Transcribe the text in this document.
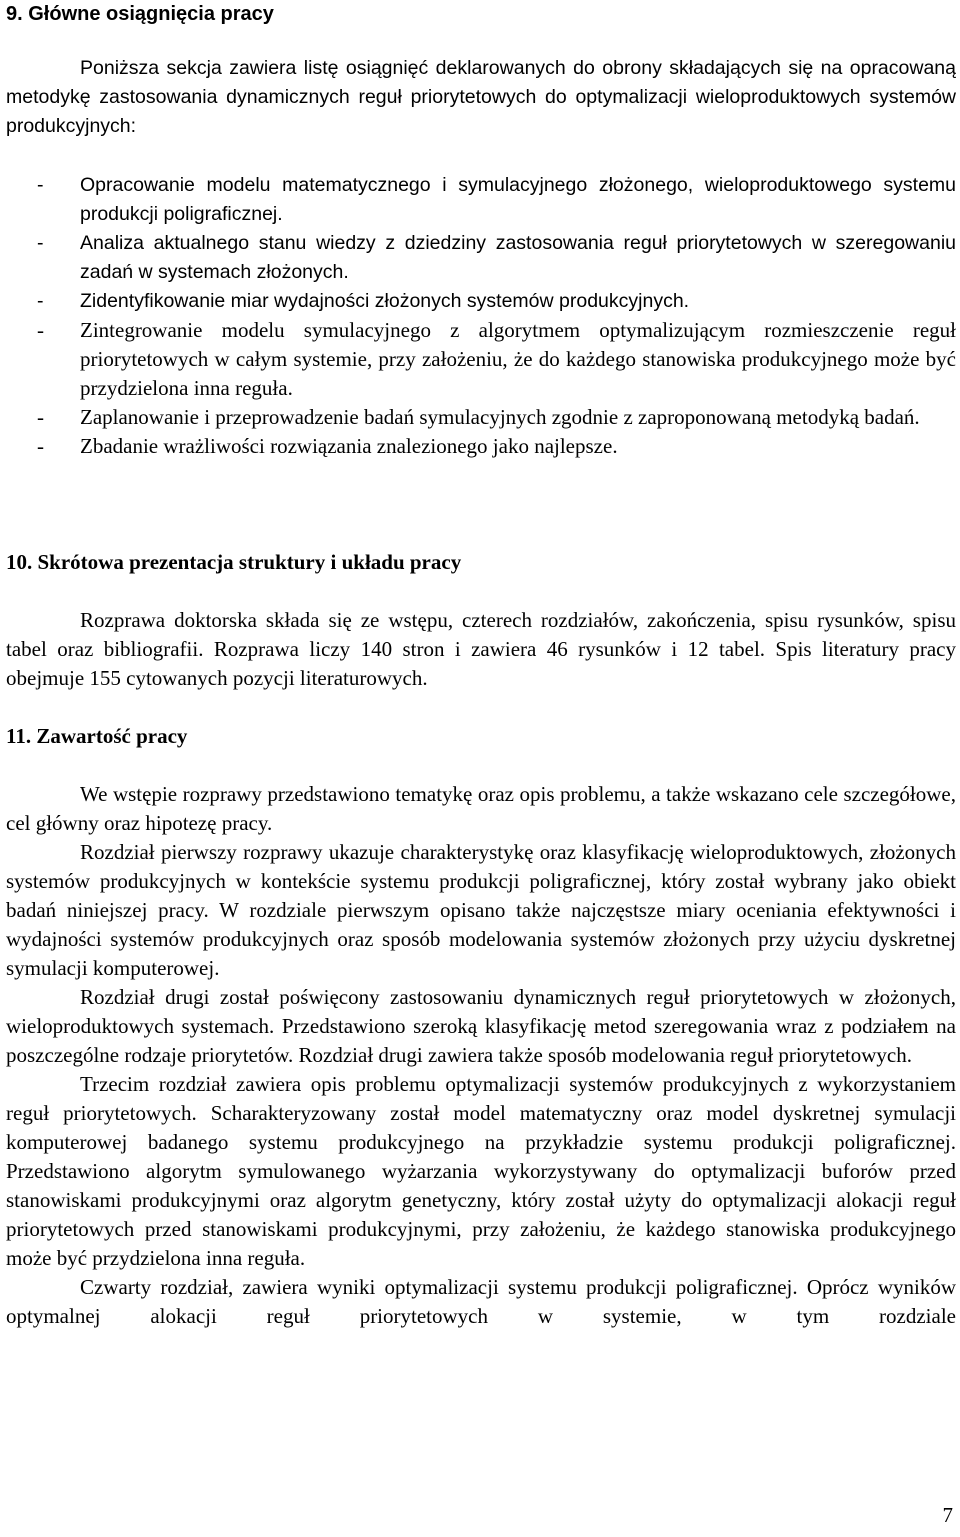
9. Główne osiągnięcia pracy

Poniższa sekcja zawiera listę osiągnięć deklarowanych do obrony składających się na opracowaną metodykę zastosowania dynamicznych reguł priorytetowych do optymalizacji wieloproduktowych systemów produkcyjnych:

- Opracowanie modelu matematycznego i symulacyjnego złożonego, wieloproduktowego systemu produkcji poligraficznej.
- Analiza aktualnego stanu wiedzy z dziedziny zastosowania reguł priorytetowych w szeregowaniu zadań w systemach złożonych.
- Zidentyfikowanie miar wydajności złożonych systemów produkcyjnych.
- Zintegrowanie modelu symulacyjnego z algorytmem optymalizującym rozmieszczenie reguł priorytetowych w całym systemie, przy założeniu, że do każdego stanowiska produkcyjnego może być przydzielona inna reguła.
- Zaplanowanie i przeprowadzenie badań symulacyjnych zgodnie z zaproponowaną metodyką badań.
- Zbadanie wrażliwości rozwiązania znalezionego jako najlepsze.
10. Skrótowa prezentacja struktury i układu pracy

Rozprawa doktorska składa się ze wstępu, czterech rozdziałów, zakończenia, spisu rysunków, spisu tabel oraz bibliografii. Rozprawa liczy 140 stron i zawiera 46 rysunków i 12 tabel. Spis literatury pracy obejmuje 155 cytowanych pozycji literaturowych.

11. Zawartość pracy

We wstępie rozprawy przedstawiono tematykę oraz opis problemu, a także wskazano cele szczegółowe, cel główny oraz hipotezę pracy.

Rozdział pierwszy rozprawy ukazuje charakterystykę oraz klasyfikację wieloproduktowych, złożonych systemów produkcyjnych w kontekście systemu produkcji poligraficznej, który został wybrany jako obiekt badań niniejszej pracy. W rozdziale pierwszym opisano także najczęstsze miary oceniania efektywności i wydajności systemów produkcyjnych oraz sposób modelowania systemów złożonych przy użyciu dyskretnej symulacji komputerowej.

Rozdział drugi został poświęcony zastosowaniu dynamicznych reguł priorytetowych w złożonych, wieloproduktowych systemach. Przedstawiono szeroką klasyfikację metod szeregowania wraz z podziałem na poszczególne rodzaje priorytetów. Rozdział drugi zawiera także sposób modelowania reguł priorytetowych.

Trzecim rozdział zawiera opis problemu optymalizacji systemów produkcyjnych z wykorzystaniem reguł priorytetowych. Scharakteryzowany został model matematyczny oraz model dyskretnej symulacji komputerowej badanego systemu produkcyjnego na przykładzie systemu produkcji poligraficznej. Przedstawiono algorytm symulowanego wyżarzania wykorzystywany do optymalizacji buforów przed stanowiskami produkcyjnymi oraz algorytm genetyczny, który został użyty do optymalizacji alokacji reguł priorytetowych przed stanowiskami produkcyjnymi, przy założeniu, że każdego stanowiska produkcyjnego może być przydzielona inna reguła.

Czwarty rozdział, zawiera wyniki optymalizacji systemu produkcji poligraficznej. Oprócz wyników optymalnej alokacji reguł priorytetowych w systemie, w tym rozdziale

7
